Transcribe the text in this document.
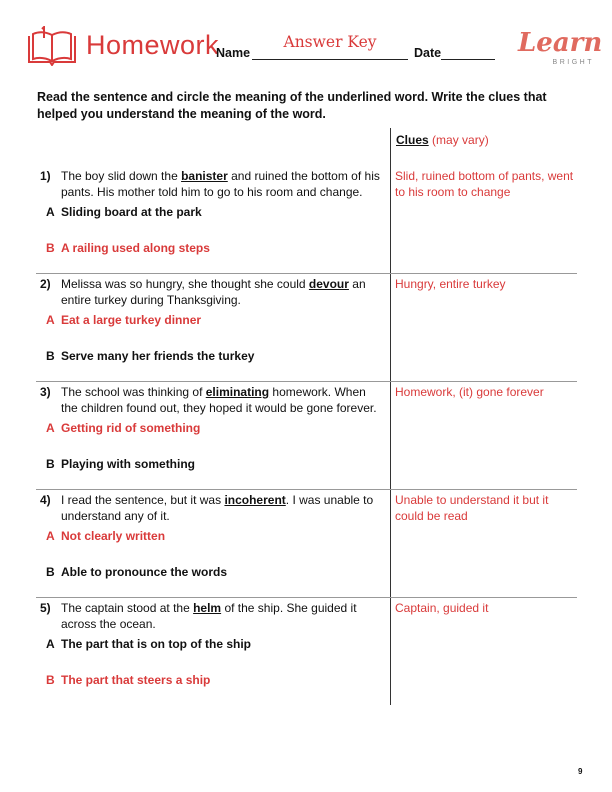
Homework
Name
Answer Key
Date	Learn
BRIGHT
Read the sentence and circle the meaning of the underlined word. Write the clues that helped you understand the meaning of the word.
Clues (may vary)
1) The boy slid down the banister and ruined the bottom of his pants. His mother told him to go to his room and change.
A Sliding board at the park
B A railing used along steps
Slid, ruined bottom of pants, went to his room to change
2) Melissa was so hungry, she thought she could devour an entire turkey during Thanksgiving.
A Eat a large turkey dinner
B Serve many her friends the turkey
Hungry, entire turkey
3) The school was thinking of eliminating homework. When the children found out, they hoped it would be gone forever.
A Getting rid of something
B Playing with something
Homework, (it) gone forever
4) I read the sentence, but it was incoherent. I was unable to understand any of it.
A Not clearly written
B Able to pronounce the words
Unable to understand it but it could be read
5) The captain stood at the helm of the ship. She guided it across the ocean.
A The part that is on top of the ship
B The part that steers a ship
Captain, guided it
9
